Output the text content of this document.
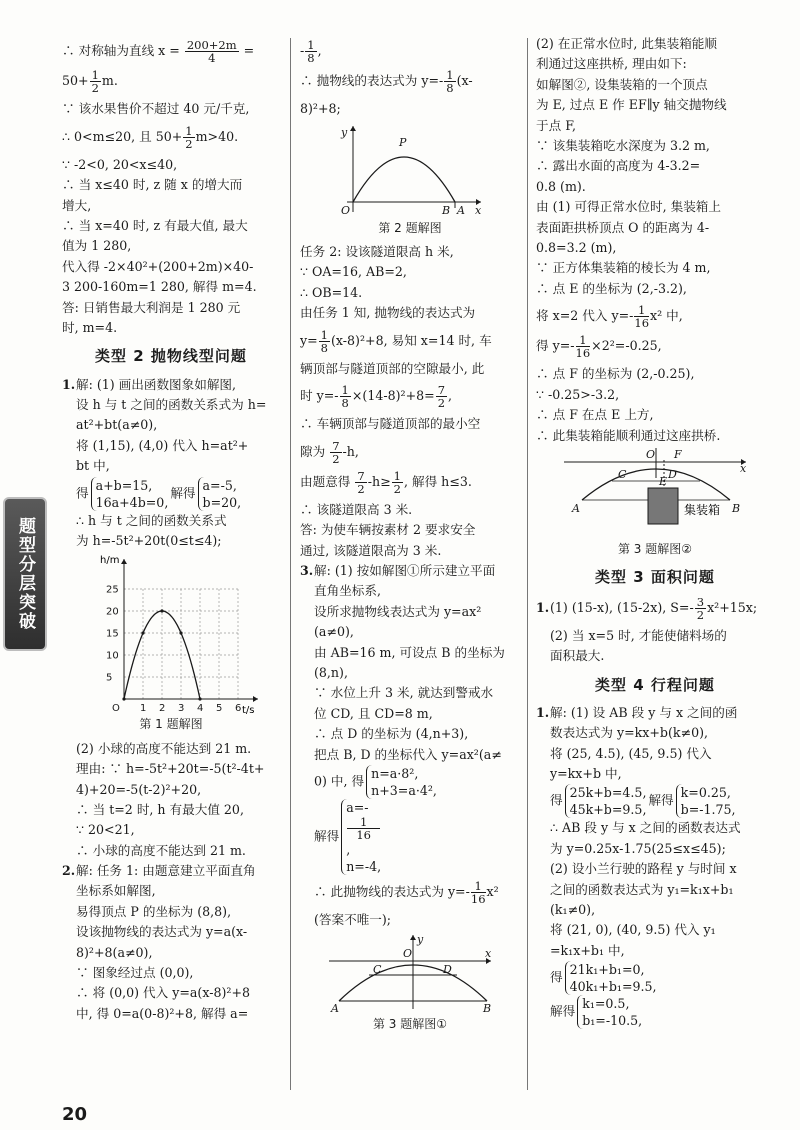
题型分层突破
∴ 对称轴为直线 $x = \frac{200+2m}{4}$ =
$50+ \frac{1}{2} m$.
∵ 该水果售价不超过 40 元/千克,
∴ 0<m≤20, 且 $50+ \frac{1}{2} m>40$.
∵ -2<0, 20<x≤40,
∴ 当 x≤40 时, z 随 x 的增大而
增大,
∴ 当 x=40 时, z 有最大值, 最大
值为 1 280,
代入得 -2×40²+(200+2m)×40-
3 200-160m=1 280, 解得 m=4.
答: 日销售最大利润是 1 280 元
时, m=4.
类型 2 抛物线型问题
1.解: (1) 画出函数图象如解图,
设 h 与 t 之间的函数关系式为 h=
at²+bt(a≠0),
将 (1,15), (4,0) 代入 h=at²+
bt 中,
得 a+b=15,
16a+4b=0,
解得 a=-5,
b=20,
∴ h 与 t 之间的函数关系式
为 h=-5t²+20t(0≤t≤4);
25
20
15
10
5
O 1 2 3 4 5 6
h/m
t/s
第 1 题解图
(2) 小球的高度不能达到 21 m.
理由: ∵ h=-5t²+20t=-5(t²-4t+
4)+20=-5(t-2)²+20,
∴ 当 t=2 时, h 有最大值 20,
∵ 20<21,
∴ 小球的高度不能达到 21 m.
2.解: 任务 1: 由题意建立平面直角
坐标系如解图,
易得顶点 P 的坐标为 (8,8),
设该抛物线的表达式为 y=a(x-
8)²+8(a≠0),
∵ 图象经过点 (0,0),
∴ 将 (0,0) 代入 y=a(x-8)²+8
中, 得 0=a(0-8)²+8, 解得 a=
- $\frac{1}{8}$ ,
∴ 抛物线的表达式为 $y=- \frac{1}{8} (x-$
8)²+8;
y
O
P
B A x
第 2 题解图
任务 2: 设该隧道限高 h 米,
∵ OA=16, AB=2,
∴ OB=14.
由任务 1 知, 抛物线的表达式为
$y= \frac{1}{8} (x-8)^2+8$, 易知 x=14 时, 车
辆顶部与隧道顶部的空隙最小, 此
时 $y=- \frac{1}{8} \times(14-8)^2+8= \frac{7}{2}$ ,
∴ 车辆顶部与隧道顶部的最小空
隙为 $\frac{7}{2} -h$,
由题意得 $\frac{7}{2} -h\ge \frac{1}{2}$ , 解得 h≤3.
∴ 该隧道限高 3 米.
答: 为使车辆按素材 2 要求安全
通过, 该隧道限高为 3 米.
3.解: (1) 按如解图①所示建立平面
直角坐标系,
设所求抛物线表达式为 y=ax²
(a≠0),
由 AB=16 m, 可设点 B 的坐标为
(8,n),
∵ 水位上升 3 米, 就达到警戒水
位 CD, 且 CD=8 m,
∴ 点 D 的坐标为 (4,n+3),
把点 B, D 的坐标代入 y=ax²(a≠
0) 中, 得 n=a·8²,
n+3=a·4²,
解得
a=-
1
16
,
n=-4,
∴ 此抛物线的表达式为 $y=- \frac{1}{16} x^2$
(答案不唯一);
y
O	x
C	D
A	B
第 3 题解图①
(2) 在正常水位时, 此集装箱能顺
利通过这座拱桥, 理由如下:
如解图②, 设集装箱的一个顶点
为 E, 过点 E 作 EF∥y 轴交抛物线
于点 F,
∵ 该集装箱吃水深度为 3.2 m,
∴ 露出水面的高度为 4-3.2=
0.8 (m).
由 (1) 可得正常水位时, 集装箱上
表面距拱桥顶点 O 的距离为 4-
0.8=3.2 (m),
∵ 正方体集装箱的棱长为 4 m,
∴ 点 E 的坐标为 (2,-3.2),
将 x=2 代入 $y=- \frac{1}{16} x^2$ 中,
得 $y=- \frac{1}{16} \times 2^2=-0.25$,
∴ 点 F 的坐标为 (2,-0.25),
∵ -0.25>-3.2,
∴ 点 F 在点 E 上方,
∴ 此集装箱能顺利通过这座拱桥.
O F
x
C
E
D
A	B
集装箱
第 3 题解图②
类型 3 面积问题
1.(1) (15-x), (15-2x), $S=- \frac{3}{2} x^2+15x$;
(2) 当 x=5 时, 才能使储料场的
面积最大.
类型 4 行程问题
1.解: (1) 设 AB 段 y 与 x 之间的函
数表达式为 y=kx+b(k≠0),
将 (25, 4.5), (45, 9.5) 代入
y=kx+b 中,
得 25k+b=4.5,
45k+b=9.5,
解得 k=0.25,
b=-1.75,
∴ AB 段 y 与 x 之间的函数表达式
为 y=0.25x-1.75(25≤x≤45);
(2) 设小兰行驶的路程 y 与时间 x
之间的函数表达式为 y₁=k₁x+b₁
(k₁≠0),
将 (21, 0), (40, 9.5) 代入 y₁
=k₁x+b₁ 中,
得 21k₁+b₁=0,
40k₁+b₁=9.5,
解得 k₁=0.5,
b₁=-10.5,
20
